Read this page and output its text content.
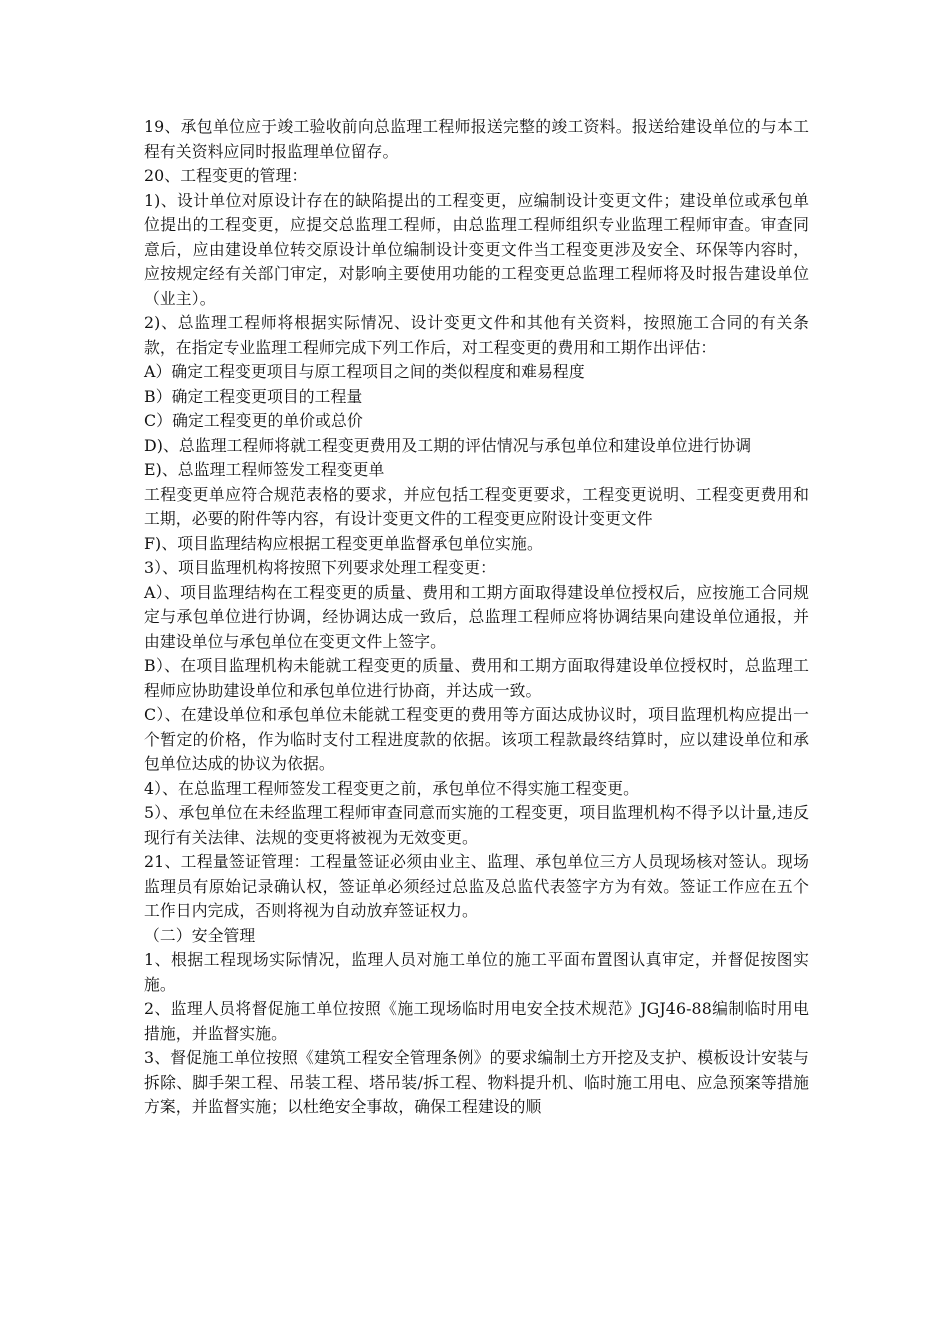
19、承包单位应于竣工验收前向总监理工程师报送完整的竣工资料。报送给建设单位的与本工程有关资料应同时报监理单位留存。

20、工程变更的管理：

1)、设计单位对原设计存在的缺陷提出的工程变更，应编制设计变更文件；建设单位或承包单位提出的工程变更，应提交总监理工程师，由总监理工程师组织专业监理工程师审查。审查同意后，应由建设单位转交原设计单位编制设计变更文件当工程变更涉及安全、环保等内容时，应按规定经有关部门审定，对影响主要使用功能的工程变更总监理工程师将及时报告建设单位（业主）。

2)、总监理工程师将根据实际情况、设计变更文件和其他有关资料，按照施工合同的有关条款，在指定专业监理工程师完成下列工作后，对工程变更的费用和工期作出评估：

A）确定工程变更项目与原工程项目之间的类似程度和难易程度

B）确定工程变更项目的工程量

C）确定工程变更的单价或总价

D)、总监理工程师将就工程变更费用及工期的评估情况与承包单位和建设单位进行协调

E)、总监理工程师签发工程变更单

工程变更单应符合规范表格的要求，并应包括工程变更要求，工程变更说明、工程变更费用和工期，必要的附件等内容，有设计变更文件的工程变更应附设计变更文件

F)、项目监理结构应根据工程变更单监督承包单位实施。

3）、项目监理机构将按照下列要求处理工程变更：

A）、项目监理结构在工程变更的质量、费用和工期方面取得建设单位授权后，应按施工合同规定与承包单位进行协调，经协调达成一致后，总监理工程师应将协调结果向建设单位通报，并由建设单位与承包单位在变更文件上签字。

B）、在项目监理机构未能就工程变更的质量、费用和工期方面取得建设单位授权时，总监理工程师应协助建设单位和承包单位进行协商，并达成一致。

C）、在建设单位和承包单位未能就工程变更的费用等方面达成协议时，项目监理机构应提出一个暂定的价格，作为临时支付工程进度款的依据。该项工程款最终结算时，应以建设单位和承包单位达成的协议为依据。

4）、在总监理工程师签发工程变更之前，承包单位不得实施工程变更。

5）、承包单位在未经监理工程师审查同意而实施的工程变更，项目监理机构不得予以计量,违反现行有关法律、法规的变更将被视为无效变更。

21、工程量签证管理：工程量签证必须由业主、监理、承包单位三方人员现场核对签认。现场监理员有原始记录确认权，签证单必须经过总监及总监代表签字方为有效。签证工作应在五个工作日内完成，否则将视为自动放弃签证权力。

（二）安全管理

1、根据工程现场实际情况，监理人员对施工单位的施工平面布置图认真审定，并督促按图实施。

2、监理人员将督促施工单位按照《施工现场临时用电安全技术规范》JGJ46-88编制临时用电措施，并监督实施。

3、督促施工单位按照《建筑工程安全管理条例》的要求编制土方开挖及支护、模板设计安装与拆除、脚手架工程、吊装工程、塔吊装/拆工程、物料提升机、临时施工用电、应急预案等措施方案，并监督实施；以杜绝安全事故，确保工程建设的顺
